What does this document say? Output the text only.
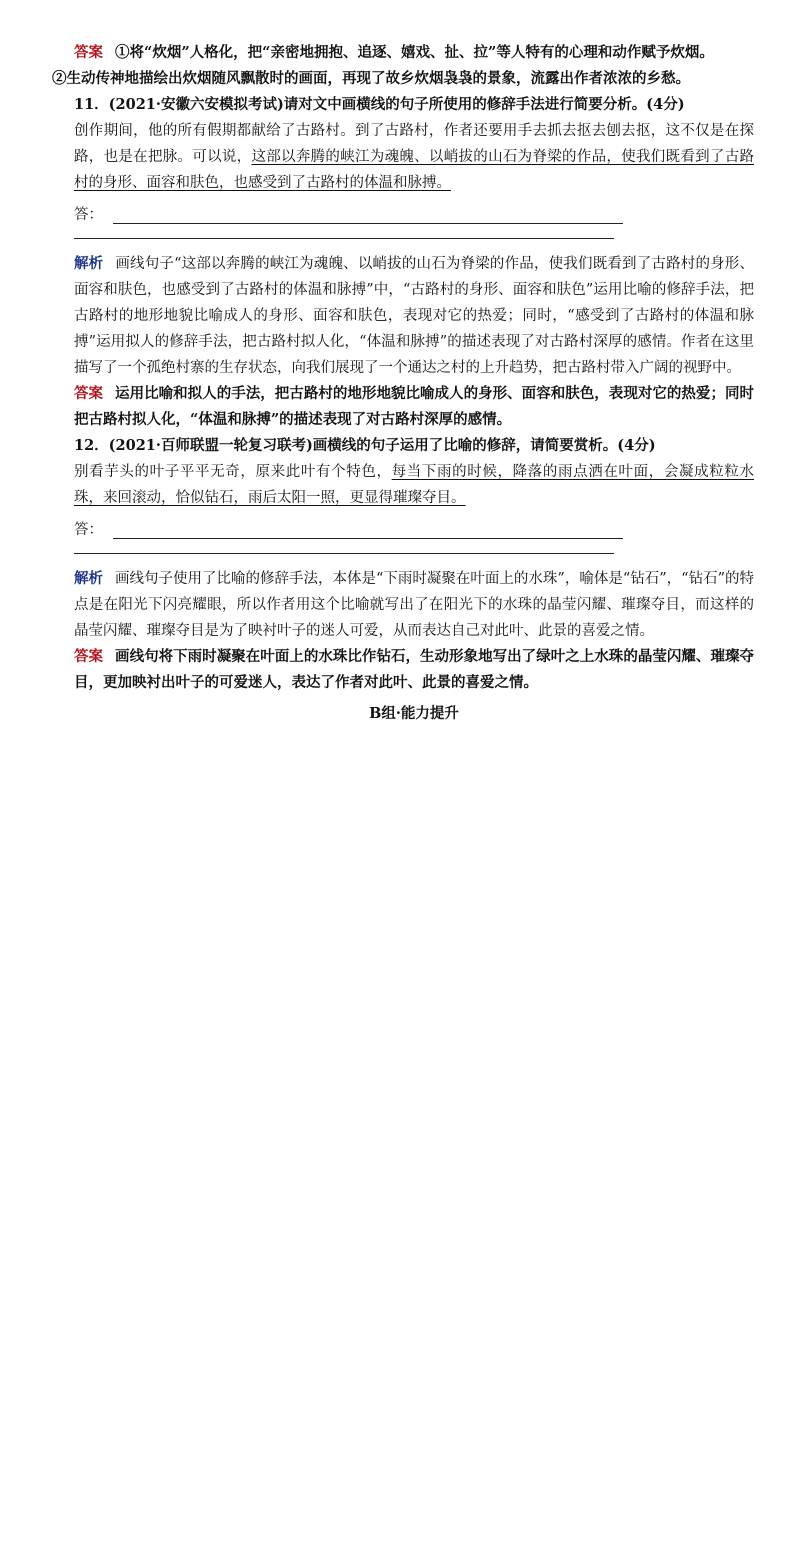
答案 ①将“炊烟”人格化，把“亲密地拥抱、追逐、嬉戏、扯、拉”等人特有的心理和动作赋予炊烟。

②生动传神地描绘出炊烟随风飘散时的画面，再现了故乡炊烟袅袅的景象，流露出作者浓浓的乡愁。

11．(2021·安徽六安模拟考试)请对文中画横线的句子所使用的修辞手法进行简要分析。(4分)

创作期间，他的所有假期都献给了古路村。到了古路村，作者还要用手去抓去抠去刨去抠，这不仅是在探路，也是在把脉。可以说，这部以奔腾的峡江为魂魄、以峭拔的山石为脊梁的作品，使我们既看到了古路村的身形、面容和肤色，也感受到了古路村的体温和脉搏。

答：

解析 画线句子“这部以奔腾的峡江为魂魄、以峭拔的山石为脊梁的作品，使我们既看到了古路村的身形、面容和肤色，也感受到了古路村的体温和脉搏”中，“古路村的身形、面容和肤色”运用比喻的修辞手法，把古路村的地形地貌比喻成人的身形、面容和肤色，表现对它的热爱；同时，“感受到了古路村的体温和脉搏”运用拟人的修辞手法，把古路村拟人化，“体温和脉搏”的描述表现了对古路村深厚的感情。作者在这里描写了一个孤绝村寨的生存状态，向我们展现了一个通达之村的上升趋势，把古路村带入广阔的视野中。

答案 运用比喻和拟人的手法，把古路村的地形地貌比喻成人的身形、面容和肤色，表现对它的热爱；同时把古路村拟人化，“体温和脉搏”的描述表现了对古路村深厚的感情。

12．(2021·百师联盟一轮复习联考)画横线的句子运用了比喻的修辞，请简要赏析。(4分)

别看芋头的叶子平平无奇，原来此叶有个特色，每当下雨的时候，降落的雨点洒在叶面，会凝成粒粒水珠，来回滚动，恰似钻石，雨后太阳一照，更显得璀璨夺目。

答：

解析 画线句子使用了比喻的修辞手法，本体是“下雨时凝聚在叶面上的水珠”，喻体是“钻石”，“钻石”的特点是在阳光下闪亮耀眼，所以作者用这个比喻就写出了在阳光下的水珠的晶莹闪耀、璀璨夺目，而这样的晶莹闪耀、璀璨夺目是为了映衬叶子的迷人可爱，从而表达自己对此叶、此景的喜爱之情。

答案 画线句将下雨时凝聚在叶面上的水珠比作钻石，生动形象地写出了绿叶之上水珠的晶莹闪耀、璀璨夺目，更加映衬出叶子的可爱迷人，表达了作者对此叶、此景的喜爱之情。

B组·能力提升
